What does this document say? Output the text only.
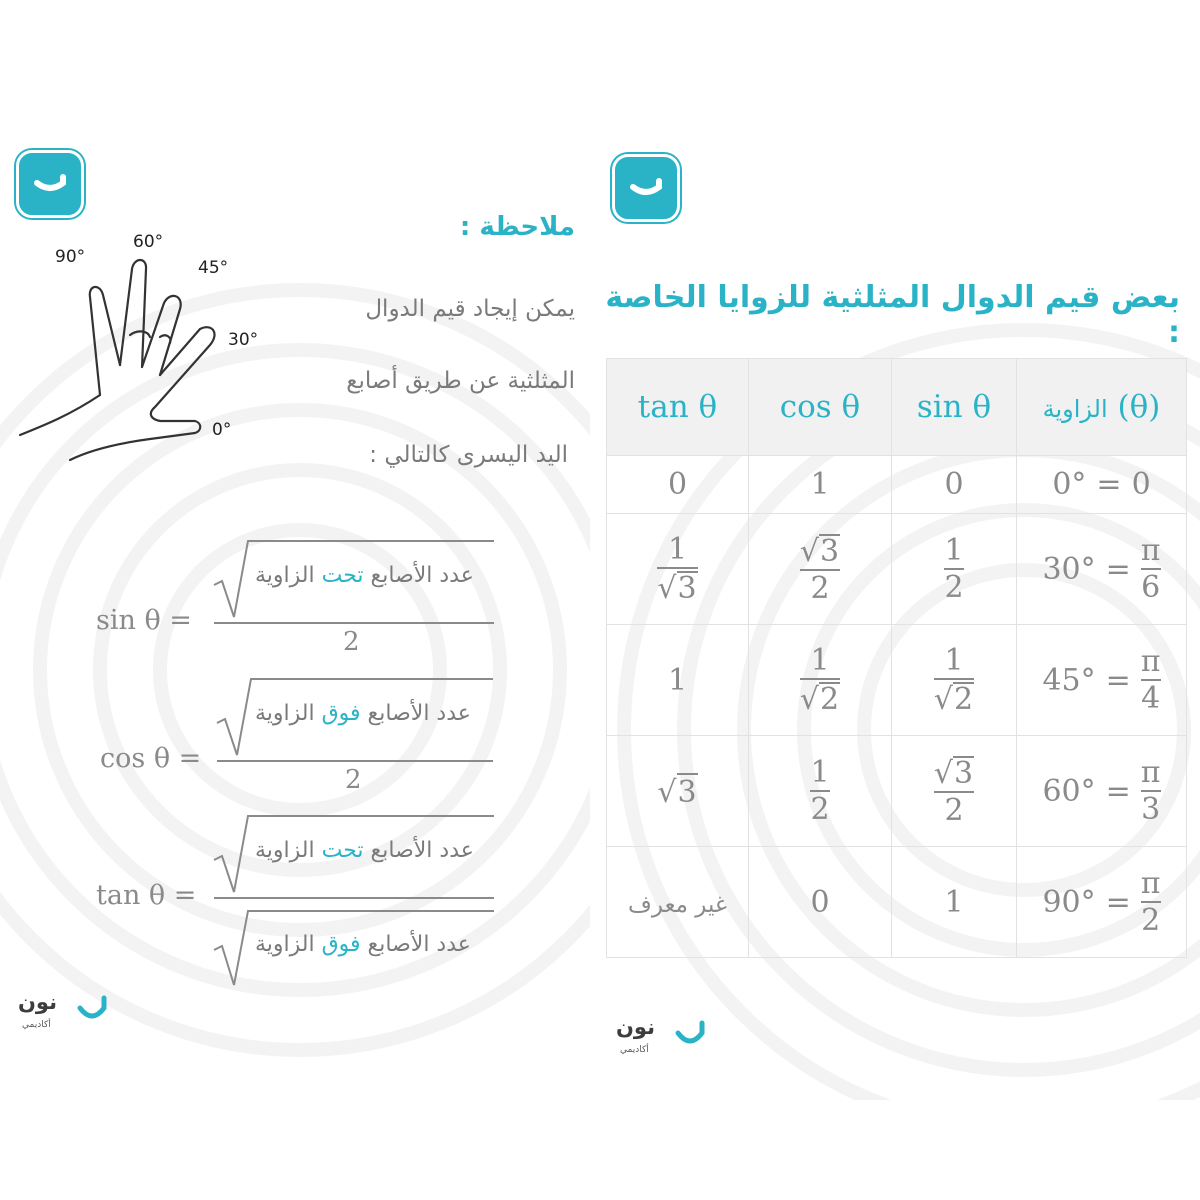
90°
60°
45°
30°
0°
ملاحظة :
يمكن إيجاد قيم الدوال
المثلثية عن طريق أصابع
اليد اليسرى كالتالي :
sin θ =
عدد الأصابع تحت الزاوية
2
cos θ =
عدد الأصابع فوق الزاوية
2
tan θ =
عدد الأصابع تحت الزاوية
عدد الأصابع فوق الزاوية
نون
أكاديمي
بعض قيم الدوال المثلثية للزوايا الخاصة :
tan θ	cos θ	sin θ	الزاوية (θ)
0	1	0	0° = 0

$\frac{1}{√ 3}$	$\frac{√ 3}{2}$	$\frac{1}{2}$	$30^\circ = \frac{\pi}{6}$

1	$\frac{1}{√ 2}$	$\frac{1}{√ 2}$	$45^\circ = \frac{\pi}{4}$

√ 3	$\frac{1}{2}$	$\frac{√ 3}{2}$	$60^\circ = \frac{\pi}{3}$

غير معرف	0	1	$90^\circ = \frac{\pi}{2}$
نون
أكاديمي
